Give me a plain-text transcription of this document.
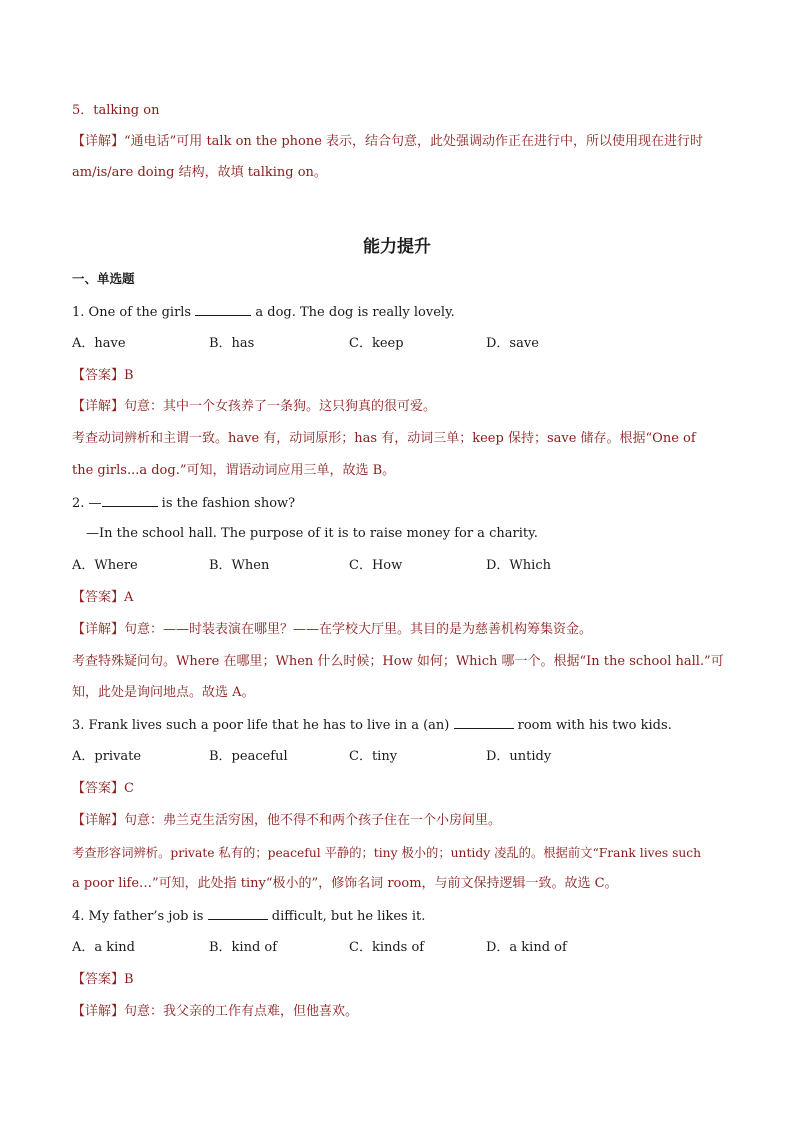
5．talking on
【详解】“通电话”可用 talk on the phone 表示，结合句意，此处强调动作正在进行中，所以使用现在进行时
am/is/are doing 结构，故填 talking on。
能力提升
一、单选题
1. One of the girls	a dog. The dog is really lovely.
A．have	B．has	C．keep	D．save
【答案】B
【详解】句意：其中一个女孩养了一条狗。这只狗真的很可爱。
考查动词辨析和主谓一致。have 有，动词原形；has 有，动词三单；keep 保持；save 储存。根据“One of
the girls...a dog.”可知，谓语动词应用三单，故选 B。
2. —	is the fashion show?
—In the school hall. The purpose of it is to raise money for a charity.
A．Where	B．When	C．How	D．Which
【答案】A
【详解】句意：——时装表演在哪里？——在学校大厅里。其目的是为慈善机构筹集资金。
考查特殊疑问句。Where 在哪里；When 什么时候；How 如何；Which 哪一个。根据“In the school hall.”可
知，此处是询问地点。故选 A。
3. Frank lives such a poor life that he has to live in a (an)	room with his two kids.
A．private	B．peaceful	C．tiny	D．untidy
【答案】C
【详解】句意：弗兰克生活穷困，他不得不和两个孩子住在一个小房间里。
考查形容词辨析。private 私有的；peaceful 平静的；tiny 极小的；untidy 凌乱的。根据前文“Frank lives such
a poor life…”可知，此处指 tiny“极小的”，修饰名词 room，与前文保持逻辑一致。故选 C。
4. My father’s job is	difficult, but he likes it.
A．a kind	B．kind of	C．kinds of	D．a kind of
【答案】B
【详解】句意：我父亲的工作有点难，但他喜欢。
